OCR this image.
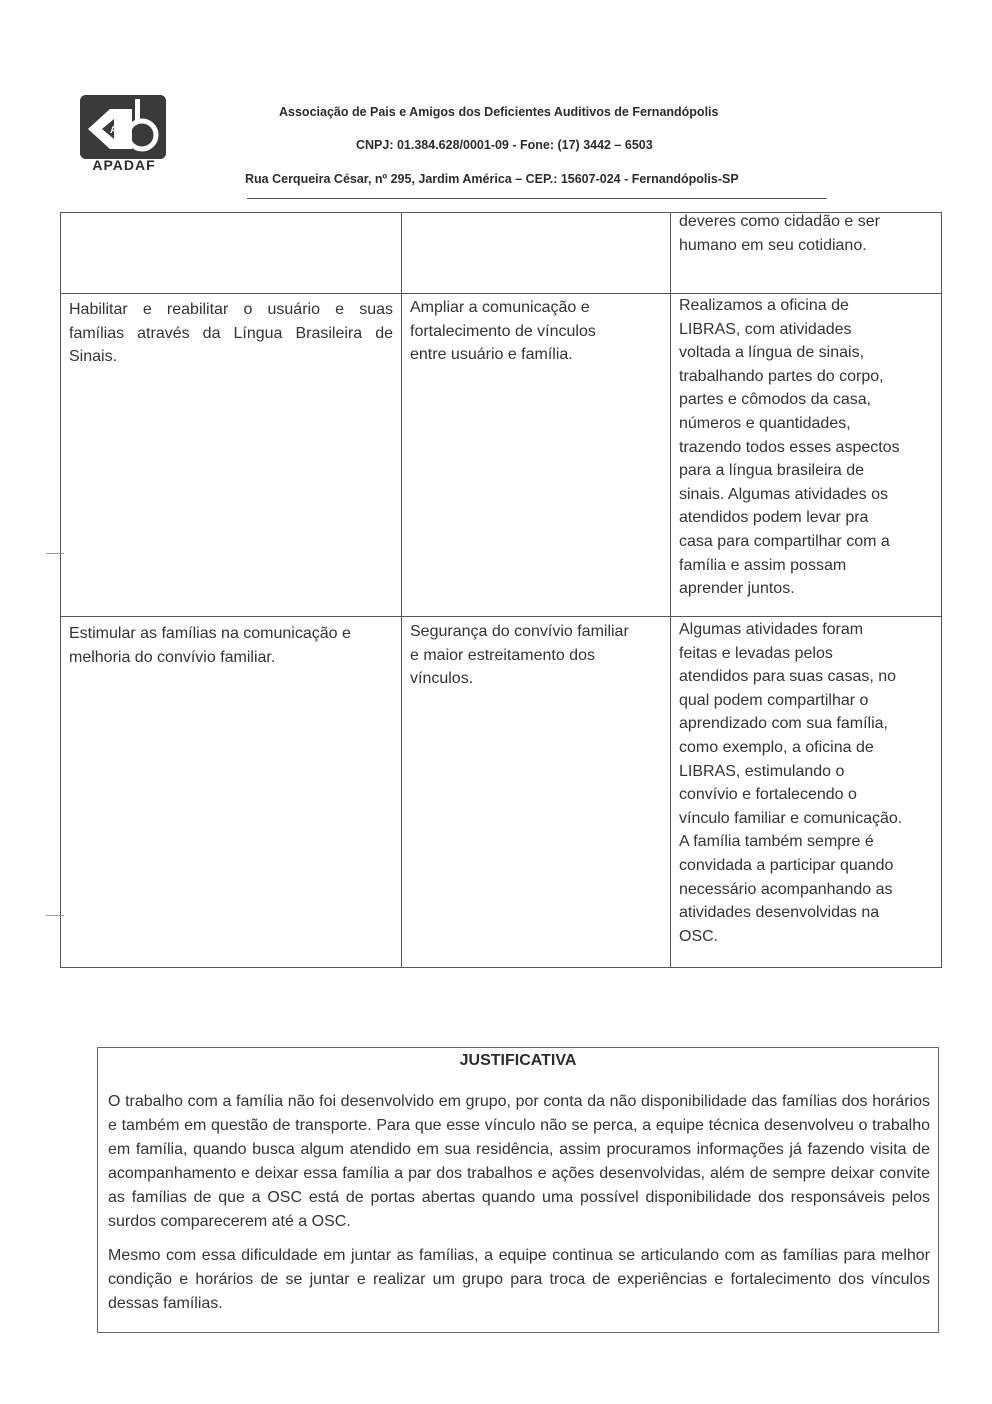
A
APADAF
Associação de Pais e Amigos dos Deficientes Auditivos de Fernandópolis
CNPJ: 01.384.628/0001-09 - Fone: (17) 3442 – 6503
Rua Cerqueira César, nº 295, Jardim América – CEP.: 15607-024 - Fernandópolis-SP
deveres como cidadão e ser
humano em seu cotidiano.
Habilitar e reabilitar o usuário e suas
famílias através da Língua Brasileira de
Sinais.
Ampliar a comunicação e
fortalecimento de vínculos
entre usuário e família.
Realizamos a oficina de
LIBRAS, com atividades
voltada a língua de sinais,
trabalhando partes do corpo,
partes e cômodos da casa,
números e quantidades,
trazendo todos esses aspectos
para a língua brasileira de
sinais. Algumas atividades os
atendidos podem levar pra
casa para compartilhar com a
família e assim possam
aprender juntos.
Estimular as famílias na comunicação e
melhoria do convívio familiar.
Segurança do convívio familiar
e maior estreitamento dos
vínculos.
Algumas atividades foram
feitas e levadas pelos
atendidos para suas casas, no
qual podem compartilhar o
aprendizado com sua família,
como exemplo, a oficina de
LIBRAS, estimulando o
convívio e fortalecendo o
vínculo familiar e comunicação.
A família também sempre é
convidada a participar quando
necessário acompanhando as
atividades desenvolvidas na
OSC.
JUSTIFICATIVA

O trabalho com a família não foi desenvolvido em grupo, por conta da não disponibilidade das famílias dos horários e também em questão de transporte. Para que esse vínculo não se perca, a equipe técnica desenvolveu o trabalho em família, quando busca algum atendido em sua residência, assim procuramos informações já fazendo visita de acompanhamento e deixar essa família a par dos trabalhos e ações desenvolvidas, além de sempre deixar convite as famílias de que a OSC está de portas abertas quando uma possível disponibilidade dos responsáveis pelos surdos comparecerem até a OSC.

Mesmo com essa dificuldade em juntar as famílias, a equipe continua se articulando com as famílias para melhor condição e horários de se juntar e realizar um grupo para troca de experiências e fortalecimento dos vínculos dessas famílias.
